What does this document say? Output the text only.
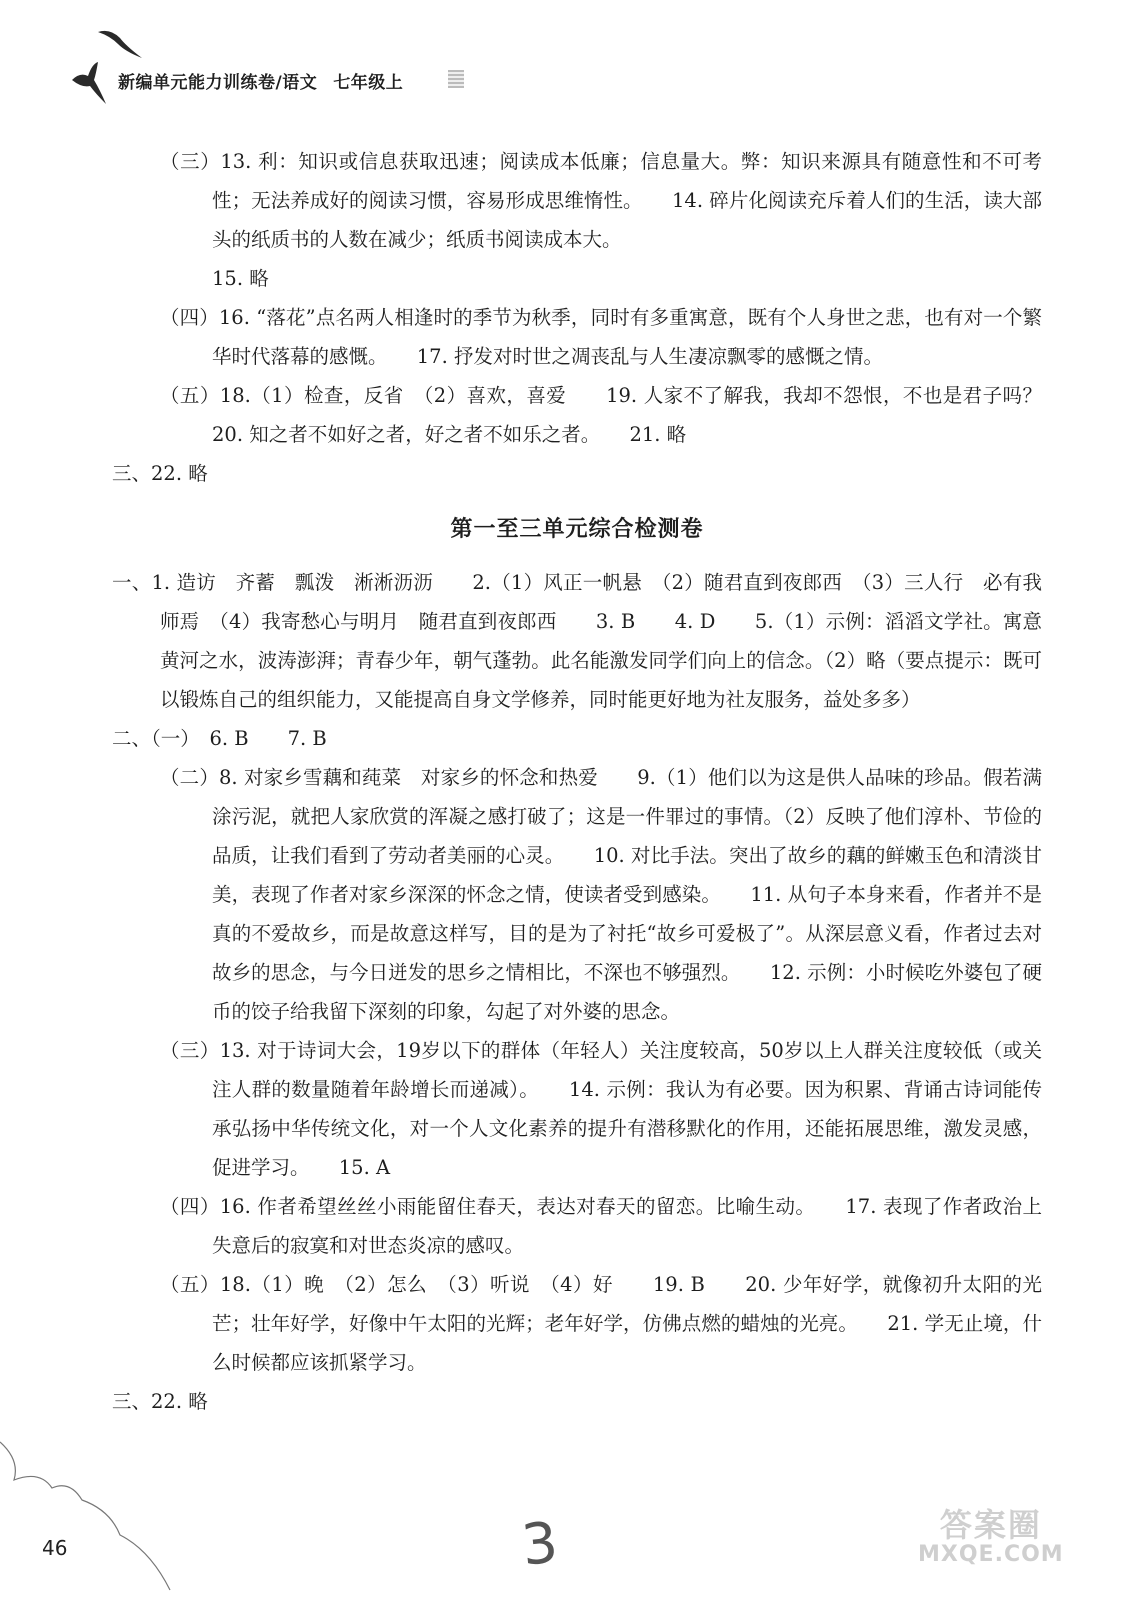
新编单元能力训练卷/语文 七年级上

（三）13. 利：知识或信息获取迅速；阅读成本低廉；信息量大。弊：知识来源具有随意性和不可考性；无法养成好的阅读习惯，容易形成思维惰性。　　14. 碎片化阅读充斥着人们的生活，读大部头的纸质书的人数在减少；纸质书阅读成本大。

15. 略

（四）16. “落花”点名两人相逢时的季节为秋季，同时有多重寓意，既有个人身世之悲，也有对一个繁华时代落幕的感慨。　　17. 抒发对时世之凋丧乱与人生凄凉飘零的感慨之情。

（五）18.（1）检查，反省　（2）喜欢，喜爱　　19. 人家不了解我，我却不怨恨，不也是君子吗？　　20. 知之者不如好之者，好之者不如乐之者。　　21. 略

三、22. 略

第一至三单元综合检测卷

一、1. 造访　齐蓄　瓢泼　淅淅沥沥　　2.（1）风正一帆悬　（2）随君直到夜郎西　（3）三人行　必有我师焉　（4）我寄愁心与明月　随君直到夜郎西　　3. B　　4. D　　5.（1）示例：滔滔文学社。寓意黄河之水，波涛澎湃；青春少年，朝气蓬勃。此名能激发同学们向上的信念。（2）略（要点提示：既可以锻炼自己的组织能力，又能提高自身文学修养，同时能更好地为社友服务，益处多多）

二、（一）　6. B　　7. B

（二）8. 对家乡雪藕和莼菜　对家乡的怀念和热爱　　9.（1）他们以为这是供人品味的珍品。假若满涂污泥，就把人家欣赏的浑凝之感打破了；这是一件罪过的事情。（2）反映了他们淳朴、节俭的品质，让我们看到了劳动者美丽的心灵。　　10. 对比手法。突出了故乡的藕的鲜嫩玉色和清淡甘美，表现了作者对家乡深深的怀念之情，使读者受到感染。　　11. 从句子本身来看，作者并不是真的不爱故乡，而是故意这样写，目的是为了衬托“故乡可爱极了”。从深层意义看，作者过去对故乡的思念，与今日迸发的思乡之情相比，不深也不够强烈。　　12. 示例：小时候吃外婆包了硬币的饺子给我留下深刻的印象，勾起了对外婆的思念。

（三）13. 对于诗词大会，19岁以下的群体（年轻人）关注度较高，50岁以上人群关注度较低（或关注人群的数量随着年龄增长而递减）。　　14. 示例：我认为有必要。因为积累、背诵古诗词能传承弘扬中华传统文化，对一个人文化素养的提升有潜移默化的作用，还能拓展思维，激发灵感，促进学习。　　15. A

（四）16. 作者希望丝丝小雨能留住春天，表达对春天的留恋。比喻生动。　　17. 表现了作者政治上失意后的寂寞和对世态炎凉的感叹。

（五）18.（1）晚　（2）怎么　（3）听说　（4）好　　19. B　　20. 少年好学，就像初升太阳的光芒；壮年好学，好像中午太阳的光辉；老年好学，仿佛点燃的蜡烛的光亮。　　21. 学无止境，什么时候都应该抓紧学习。

三、22. 略

46	3	答案圈
MXQE.COM
